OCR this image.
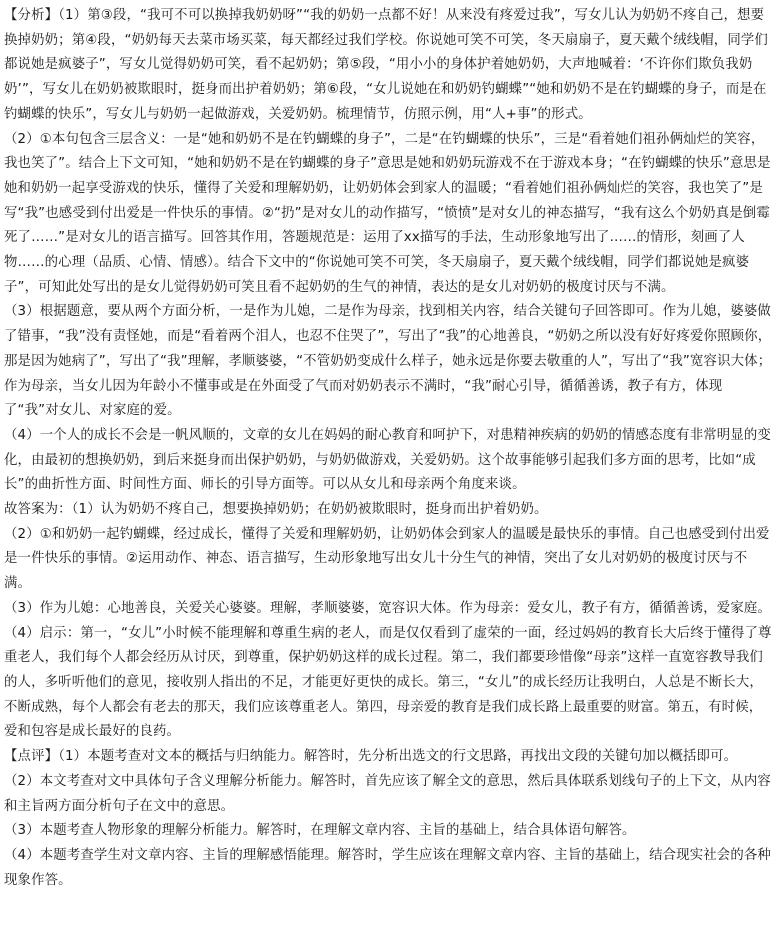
【分析】（1）第③段，“我可不可以换掉我奶奶呀”“我的奶奶一点都不好！从来没有疼爱过我”，写女儿认为奶奶不疼自己，想要换掉奶奶；第④段，“奶奶每天去菜市场买菜，每天都经过我们学校。你说她可笑不可笑，冬天扇扇子，夏天戴个绒线帽，同学们都说她是疯婆子”，写女儿觉得奶奶可笑，看不起奶奶；第⑤段，“用小小的身体护着她奶奶，大声地喊着：‘不许你们欺负我奶奶’”，写女儿在奶奶被欺眼时，挺身而出护着奶奶；第⑥段，“女儿说她在和奶奶钓蝴蝶”“她和奶奶不是在钓蝴蝶的身子，而是在钓蝴蝶的快乐”，写女儿与奶奶一起做游戏，关爱奶奶。梳理情节，仿照示例，用“人+事”的形式。

（2）①本句包含三层含义：一是“她和奶奶不是在钓蝴蝶的身子”，二是“在钓蝴蝶的快乐”，三是“看着她们祖孙俩灿烂的笑容，我也笑了”。结合上下文可知，“她和奶奶不是在钓蝴蝶的身子”意思是她和奶奶玩游戏不在于游戏本身；“在钓蝴蝶的快乐”意思是她和奶奶一起享受游戏的快乐，懂得了关爱和理解奶奶，让奶奶体会到家人的温暖；“看着她们祖孙俩灿烂的笑容，我也笑了”是写“我”也感受到付出爱是一件快乐的事情。②“扔”是对女儿的动作描写，“愤愤”是对女儿的神态描写，“我有这么个奶奶真是倒霉死了……”是对女儿的语言描写。回答其作用，答题规范是：运用了xx描写的手法，生动形象地写出了……的情形，刻画了人物……的心理（品质、心情、情感）。结合下文中的“你说她可笑不可笑，冬天扇扇子，夏天戴个绒线帽，同学们都说她是疯婆子”，可知此处写出的是女儿觉得奶奶可笑且看不起奶奶的生气的神情，表达的是女儿对奶奶的极度讨厌与不满。

（3）根据题意，要从两个方面分析，一是作为儿媳，二是作为母亲，找到相关内容，结合关键句子回答即可。作为儿媳，婆婆做了错事，“我”没有责怪她，而是“看着两个泪人，也忍不住哭了”，写出了“我”的心地善良，“奶奶之所以没有好好疼爱你照顾你，那是因为她病了”，写出了“我”理解，孝顺婆婆，“不管奶奶变成什么样子，她永远是你要去敬重的人”，写出了“我”宽容识大体；作为母亲，当女儿因为年龄小不懂事或是在外面受了气而对奶奶表示不满时，“我”耐心引导，循循善诱，教子有方，体现了“我”对女儿、对家庭的爱。

（4）一个人的成长不会是一帆风顺的，文章的女儿在妈妈的耐心教育和呵护下，对患精神疾病的奶奶的情感态度有非常明显的变化，由最初的想换奶奶，到后来挺身而出保护奶奶，与奶奶做游戏，关爱奶奶。这个故事能够引起我们多方面的思考，比如“成长”的曲折性方面、时间性方面、师长的引导方面等。可以从女儿和母亲两个角度来谈。

故答案为：（1）认为奶奶不疼自己，想要换掉奶奶；在奶奶被欺眼时，挺身而出护着奶奶。

（2）①和奶奶一起钓蝴蝶，经过成长，懂得了关爱和理解奶奶，让奶奶体会到家人的温暖是最快乐的事情。自己也感受到付出爱是一件快乐的事情。②运用动作、神态、语言描写，生动形象地写出女儿十分生气的神情，突出了女儿对奶奶的极度讨厌与不满。

（3）作为儿媳：心地善良，关爱关心婆婆。理解，孝顺婆婆，宽容识大体。作为母亲：爱女儿，教子有方，循循善诱，爱家庭。

（4）启示：第一，“女儿”小时候不能理解和尊重生病的老人，而是仅仅看到了虚荣的一面，经过妈妈的教育长大后终于懂得了尊重老人，我们每个人都会经历从讨厌，到尊重，保护奶奶这样的成长过程。第二，我们都要珍惜像“母亲”这样一直宽容教导我们的人，多听听他们的意见，接收别人指出的不足，才能更好更快的成长。第三，“女儿”的成长经历让我明白，人总是不断长大，不断成熟，每个人都会有老去的那天，我们应该尊重老人。第四，母亲爱的教育是我们成长路上最重要的财富。第五，有时候，爱和包容是成长最好的良药。

【点评】（1）本题考查对文本的概括与归纳能力。解答时，先分析出选文的行文思路，再找出文段的关键句加以概括即可。

（2）本文考查对文中具体句子含义理解分析能力。解答时，首先应该了解全文的意思，然后具体联系划线句子的上下文，从内容和主旨两方面分析句子在文中的意思。

（3）本题考查人物形象的理解分析能力。解答时，在理解文章内容、主旨的基础上，结合具体语句解答。

（4）本题考查学生对文章内容、主旨的理解感悟能理。解答时，学生应该在理解文章内容、主旨的基础上，结合现实社会的各种现象作答。
